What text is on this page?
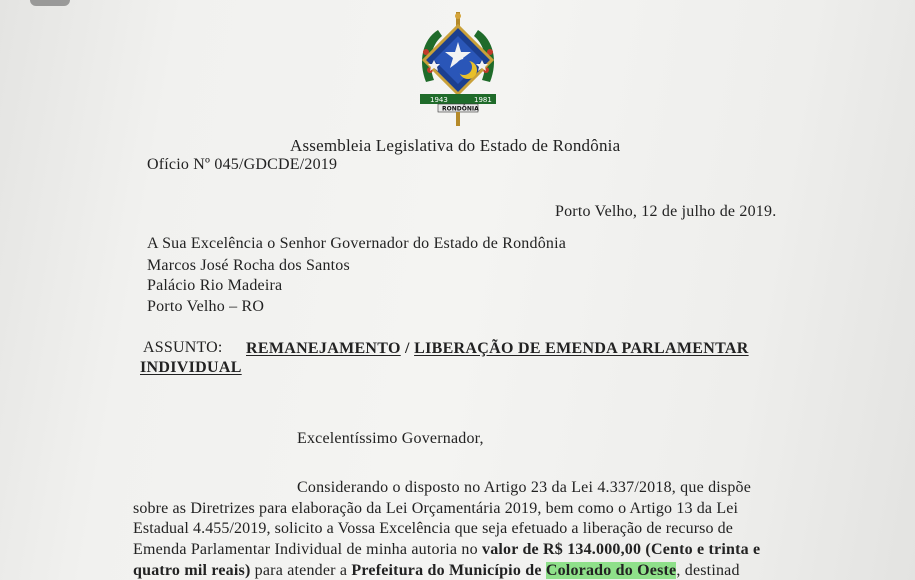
1943	1981
RONDÔNIA
Assembleia Legislativa do Estado de Rondônia
Ofício Nº 045/GDCDE/2019
Porto Velho, 12 de julho de 2019.
A Sua Excelência o Senhor Governador do Estado de Rondônia
Marcos José Rocha dos Santos
Palácio Rio Madeira
Porto Velho – RO
ASSUNTO: REMANEJAMENTO / LIBERAÇÃO DE EMENDA PARLAMENTAR
INDIVIDUAL
Excelentíssimo Governador,
Considerando o disposto no Artigo 23 da Lei 4.337/2018, que dispõe
sobre as Diretrizes para elaboração da Lei Orçamentária 2019, bem como o Artigo 13 da Lei
Estadual 4.455/2019, solicito a Vossa Excelência que seja efetuado a liberação de recurso de
Emenda Parlamentar Individual de minha autoria no valor de R$ 134.000,00 (Cento e trinta e
quatro mil reais) para atender a Prefeitura do Município de Colorado do Oeste, destinad
